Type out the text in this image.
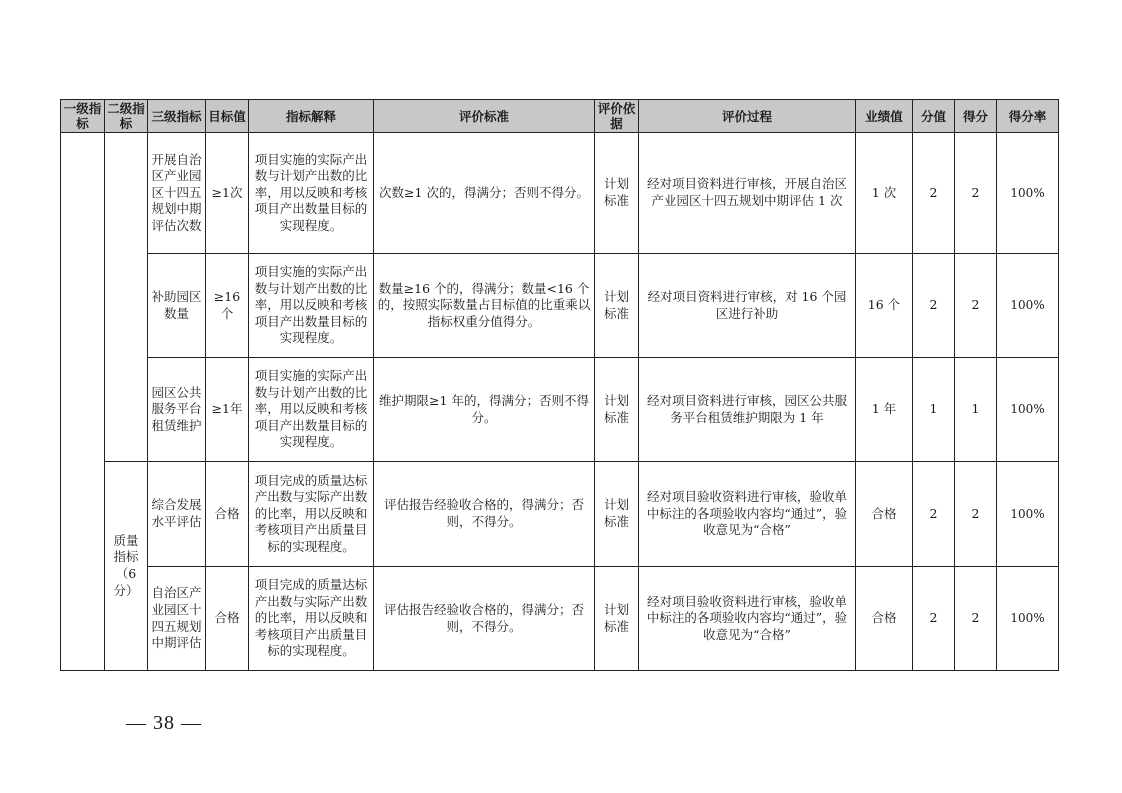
一级指标	二级指标	三级指标	目标值	指标解释	评价标准	评价依据	评价过程	业绩值	分值	得分	得分率
		开展自治区产业园区十四五规划中期评估次数	≥1次	项目实施的实际产出数与计划产出数的比率，用以反映和考核项目产出数量目标的实现程度。	次数≥1 次的，得满分；否则不得分。	计划标准	经对项目资料进行审核，开展自治区产业园区十四五规划中期评估 1 次	1 次	2	2	100%
		补助园区数量	≥16个	项目实施的实际产出数与计划产出数的比率，用以反映和考核项目产出数量目标的实现程度。	数量≥16 个的，得满分；数量<16 个的，按照实际数量占目标值的比重乘以指标权重分值得分。	计划标准	经对项目资料进行审核，对 16 个园区进行补助	16 个	2	2	100%
		园区公共服务平台租赁维护	≥1年	项目实施的实际产出数与计划产出数的比率，用以反映和考核项目产出数量目标的实现程度。	维护期限≥1 年的，得满分；否则不得分。	计划标准	经对项目资料进行审核，园区公共服务平台租赁维护期限为 1 年	1 年	1	1	100%
	质量指标（6分）	综合发展水平评估	合格	项目完成的质量达标产出数与实际产出数的比率，用以反映和考核项目产出质量目标的实现程度。	评估报告经验收合格的，得满分；否则，不得分。	计划标准	经对项目验收资料进行审核，验收单中标注的各项验收内容均“通过”，验收意见为“合格”	合格	2	2	100%
		自治区产业园区十四五规划中期评估	合格	项目完成的质量达标产出数与实际产出数的比率，用以反映和考核项目产出质量目标的实现程度。	评估报告经验收合格的，得满分；否则，不得分。	计划标准	经对项目验收资料进行审核，验收单中标注的各项验收内容均“通过”，验收意见为“合格”	合格	2	2	100%
— 38 —
